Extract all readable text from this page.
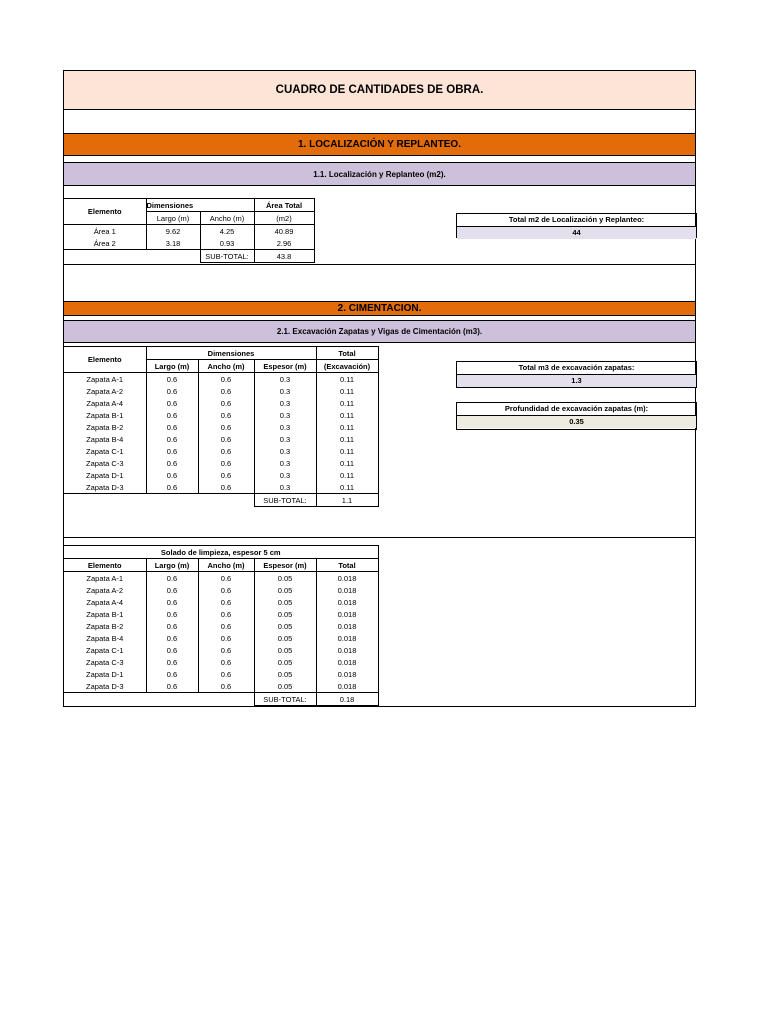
CUADRO DE CANTIDADES DE OBRA.
1. LOCALIZACIÓN Y REPLANTEO.
1.1. Localización y Replanteo (m2).
Elemento	Dimensiones		Área Total
	Largo (m)	Ancho (m)	(m2)
Área 1	9.62	4.25	40.89
Área 2	3.18	0.93	2.96
		SUB-TOTAL:	43.8
Total m2 de Localización y Replanteo:
44
2. CIMENTACION.
2.1. Excavación Zapatas y Vigas de Cimentación (m3).
Elemento	Dimensiones			Total
	Largo (m)	Ancho (m)	Espesor (m)	(Excavación)
Zapata A-1	0.6	0.6	0.3	0.11
Zapata A-2	0.6	0.6	0.3	0.11
Zapata A-4	0.6	0.6	0.3	0.11
Zapata B-1	0.6	0.6	0.3	0.11
Zapata B-2	0.6	0.6	0.3	0.11
Zapata B-4	0.6	0.6	0.3	0.11
Zapata C-1	0.6	0.6	0.3	0.11
Zapata C-3	0.6	0.6	0.3	0.11
Zapata D-1	0.6	0.6	0.3	0.11
Zapata D-3	0.6	0.6	0.3	0.11
			SUB-TOTAL:	1.1
Total m3 de excavación zapatas:
1.3
Profundidad de excavación zapatas (m):
0.35
Solado de limpieza, espesor 5 cm				
Elemento	Largo (m)	Ancho (m)	Espesor (m)	Total
Zapata A-1	0.6	0.6	0.05	0.018
Zapata A-2	0.6	0.6	0.05	0.018
Zapata A-4	0.6	0.6	0.05	0.018
Zapata B-1	0.6	0.6	0.05	0.018
Zapata B-2	0.6	0.6	0.05	0.018
Zapata B-4	0.6	0.6	0.05	0.018
Zapata C-1	0.6	0.6	0.05	0.018
Zapata C-3	0.6	0.6	0.05	0.018
Zapata D-1	0.6	0.6	0.05	0.018
Zapata D-3	0.6	0.6	0.05	0.018
			SUB-TOTAL:	0.18
